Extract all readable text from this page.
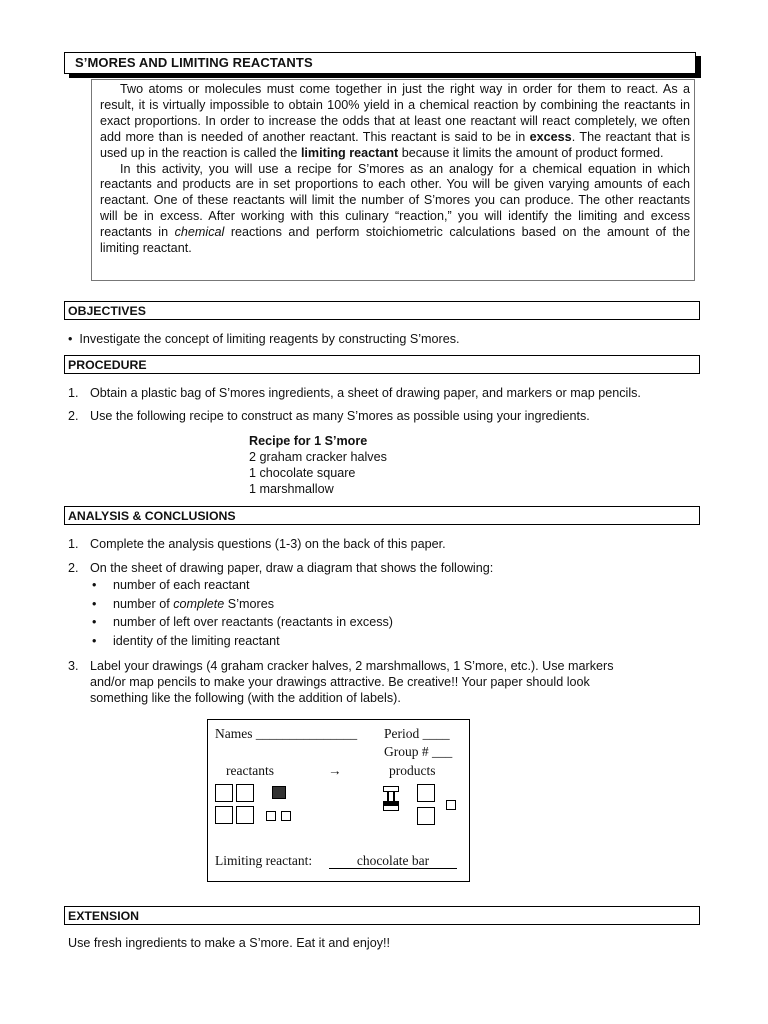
S’MORES AND LIMITING REACTANTS

Two atoms or molecules must come together in just the right way in order for them to react. As a result, it is virtually impossible to obtain 100% yield in a chemical reaction by combining the reactants in exact proportions. In order to increase the odds that at least one reactant will react completely, we often add more than is needed of another reactant. This reactant is said to be in excess. The reactant that is used up in the reaction is called the limiting reactant because it limits the amount of product formed.

In this activity, you will use a recipe for S’mores as an analogy for a chemical equation in which reactants and products are in set proportions to each other. You will be given varying amounts of each reactant. One of these reactants will limit the number of S’mores you can produce. The other reactants will be in excess. After working with this culinary “reaction,” you will identify the limiting and excess reactants in chemical reactions and perform stoichiometric calculations based on the amount of the limiting reactant.

OBJECTIVES
• Investigate the concept of limiting reagents by constructing S’mores.
PROCEDURE
1. Obtain a plastic bag of S’mores ingredients, a sheet of drawing paper, and markers or map pencils.
2. Use the following recipe to construct as many S’mores as possible using your ingredients.
Recipe for 1 S’more
2 graham cracker halves
1 chocolate square
1 marshmallow
ANALYSIS & CONCLUSIONS
1. Complete the analysis questions (1-3) on the back of this paper.
2. On the sheet of drawing paper, draw a diagram that shows the following:
• number of each reactant
• number of complete S’mores
• number of left over reactants (reactants in excess)
• identity of the limiting reactant
3. Label your drawings (4 graham cracker halves, 2 marshmallows, 1 S’more, etc.). Use markers
and/or map pencils to make your drawings attractive. Be creative!! Your paper should look
something like the following (with the addition of labels).
Names _______________ Period ____
Group # ___
reactants	→	products
Limiting reactant:	chocolate bar
EXTENSION
Use fresh ingredients to make a S’more. Eat it and enjoy!!
